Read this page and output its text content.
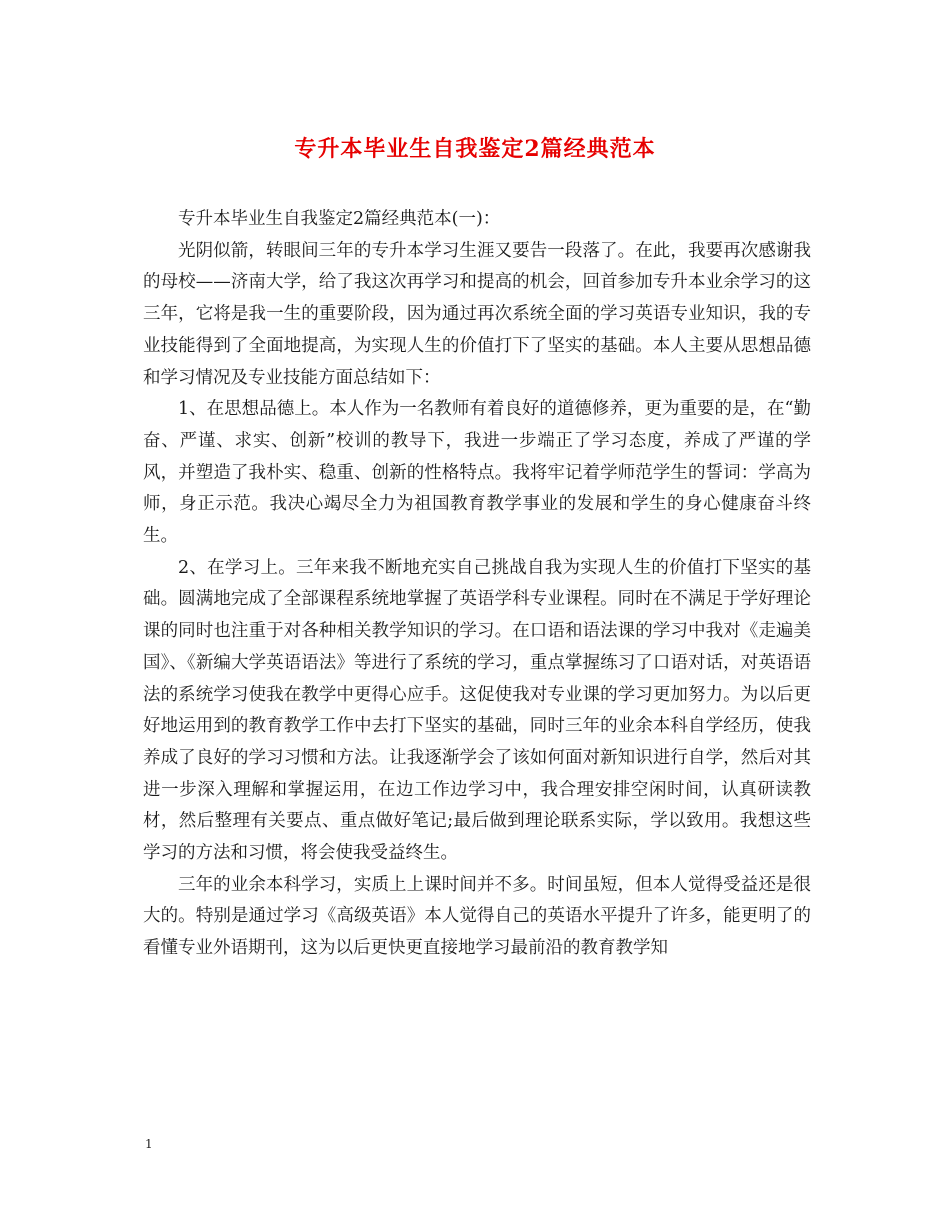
专升本毕业生自我鉴定2篇经典范本

专升本毕业生自我鉴定2篇经典范本(一)：

光阴似箭，转眼间三年的专升本学习生涯又要告一段落了。在此，我要再次感谢我的母校——济南大学，给了我这次再学习和提高的机会，回首参加专升本业余学习的这三年，它将是我一生的重要阶段，因为通过再次系统全面的学习英语专业知识，我的专业技能得到了全面地提高，为实现人生的价值打下了坚实的基础。本人主要从思想品德和学习情况及专业技能方面总结如下：

1、在思想品德上。本人作为一名教师有着良好的道德修养，更为重要的是，在“勤奋、严谨、求实、创新”校训的教导下，我进一步端正了学习态度，养成了严谨的学风，并塑造了我朴实、稳重、创新的性格特点。我将牢记着学师范学生的誓词：学高为师，身正示范。我决心竭尽全力为祖国教育教学事业的发展和学生的身心健康奋斗终生。

2、在学习上。三年来我不断地充实自己挑战自我为实现人生的价值打下坚实的基础。圆满地完成了全部课程系统地掌握了英语学科专业课程。同时在不满足于学好理论课的同时也注重于对各种相关教学知识的学习。在口语和语法课的学习中我对《走遍美国》、《新编大学英语语法》等进行了系统的学习，重点掌握练习了口语对话，对英语语法的系统学习使我在教学中更得心应手。这促使我对专业课的学习更加努力。为以后更好地运用到的教育教学工作中去打下坚实的基础，同时三年的业余本科自学经历，使我养成了良好的学习习惯和方法。让我逐渐学会了该如何面对新知识进行自学，然后对其进一步深入理解和掌握运用，在边工作边学习中，我合理安排空闲时间，认真研读教材，然后整理有关要点、重点做好笔记;最后做到理论联系实际，学以致用。我想这些学习的方法和习惯，将会使我受益终生。

三年的业余本科学习，实质上上课时间并不多。时间虽短，但本人觉得受益还是很大的。特别是通过学习《高级英语》本人觉得自己的英语水平提升了许多，能更明了的看懂专业外语期刊，这为以后更快更直接地学习最前沿的教育教学知

1
